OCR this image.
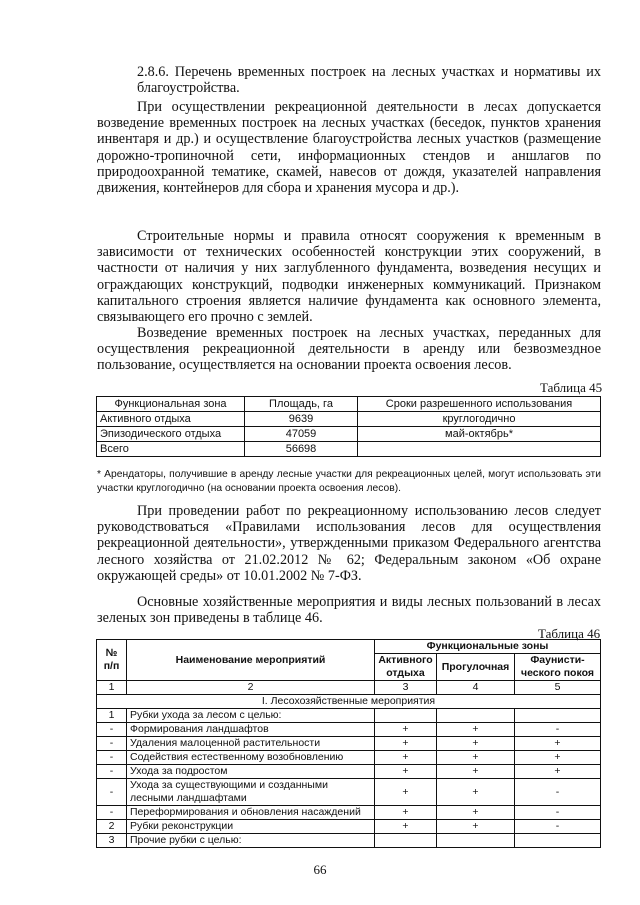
2.8.6. Перечень временных построек на лесных участках и нормативы их благоустройства.

При осуществлении рекреационной деятельности в лесах допускается возведение временных построек на лесных участках (беседок, пунктов хранения инвентаря и др.) и осуществление благоустройства лесных участков (размещение дорожно-тропиночной сети, информационных стендов и аншлагов по природоохранной тематике, скамей, навесов от дождя, указателей направления движения, контейнеров для сбора и хранения мусора и др.).

Строительные нормы и правила относят сооружения к временным в зависимости от технических особенностей конструкции этих сооружений, в частности от наличия у них заглубленного фундамента, возведения несущих и ограждающих конструкций, подводки инженерных коммуникаций. Признаком капитального строения является наличие фундамента как основного элемента, связывающего его прочно с землей.

Возведение временных построек на лесных участках, переданных для осуществления рекреационной деятельности в аренду или безвозмездное пользование, осуществляется на основании проекта освоения лесов.

Таблица 45
Функциональная зона	Площадь, га	Сроки разрешенного использования
Активного отдыха	9639	круглогодично
Эпизодического отдыха	47059	май-октябрь*
Всего	56698	

* Арендаторы, получившие в аренду лесные участки для рекреационных целей, могут использовать эти участки круглогодично (на основании проекта освоения лесов).

При проведении работ по рекреационному использованию лесов следует руководствоваться «Правилами использования лесов для осуществления рекреационной деятельности», утвержденными приказом Федерального агентства лесного хозяйства от 21.02.2012 № 62; Федеральным законом «Об охране окружающей среды» от 10.01.2002 № 7-ФЗ.

Основные хозяйственные мероприятия и виды лесных пользований в лесах зеленых зон приведены в таблице 46.

Таблица 46
№ п/п	Наименование мероприятий	Функциональные зоны		
		Активного отдыха	Прогулочная	Фаунисти-ческого покоя
1	2	3	4	5
I. Лесохозяйственные мероприятия				
1	Рубки ухода за лесом с целью:			
-	Формирования ландшафтов	+	+	-
-	Удаления малоценной растительности	+	+	+
-	Содействия естественному возобновлению	+	+	+
-	Ухода за подростом	+	+	+
-	Ухода за существующими и созданными лесными ландшафтами	+	+	-
-	Переформирования и обновления насаждений	+	+	-
2	Рубки реконструкции	+	+	-
3	Прочие рубки с целью:			
66
